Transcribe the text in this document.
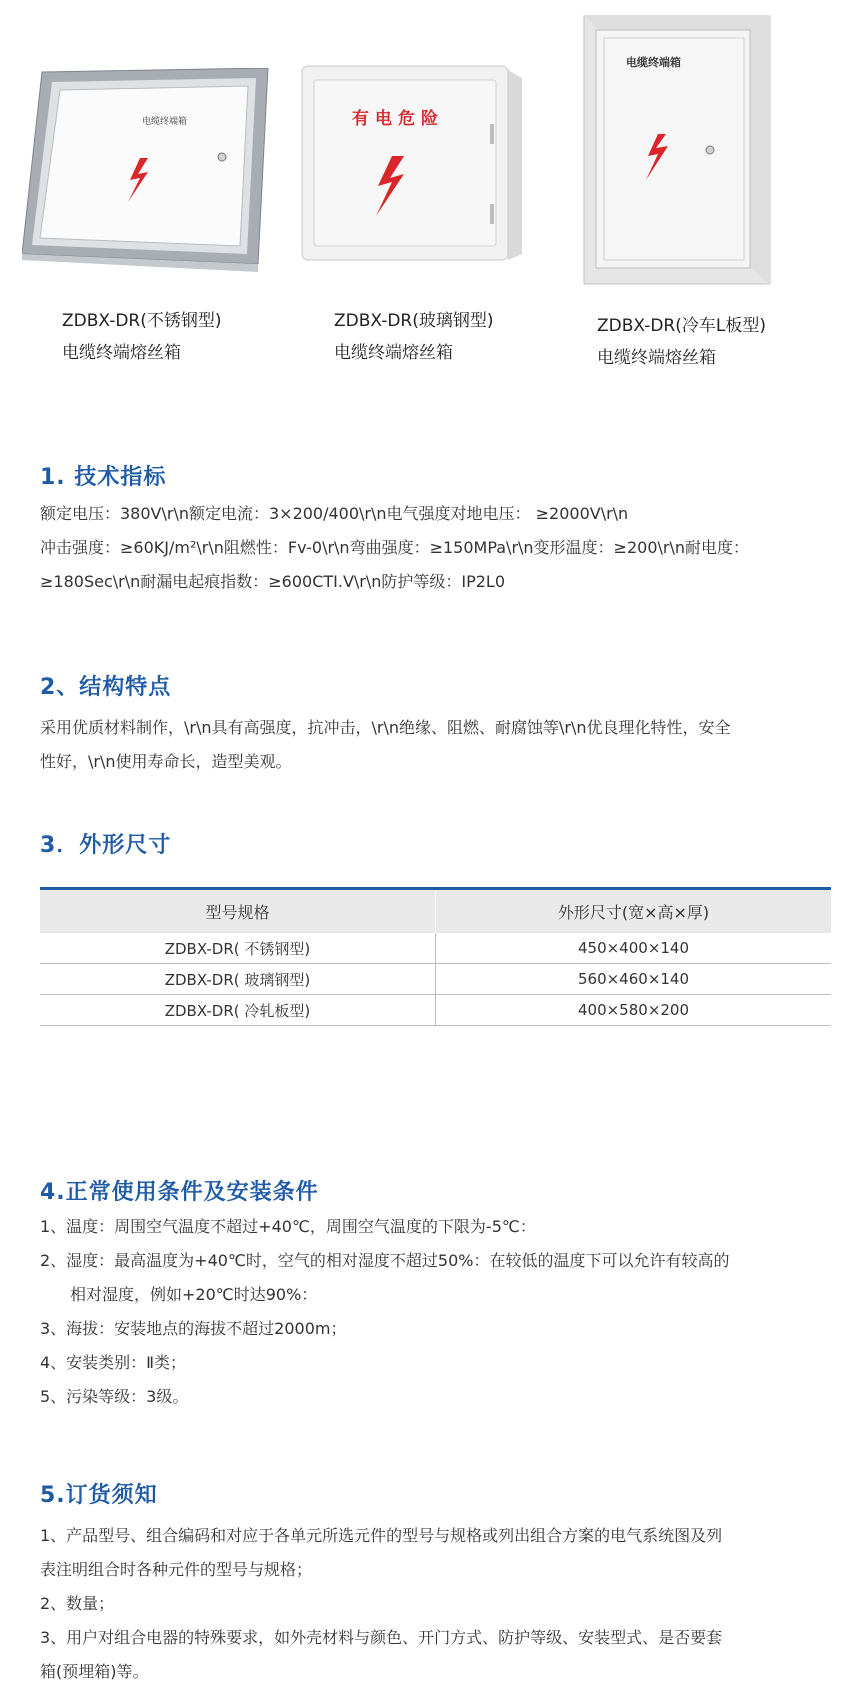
电缆终端箱	有电危险
电缆终端箱
ZDBX-DR(不锈钢型)
电缆终端熔丝箱
ZDBX-DR(玻璃钢型)
电缆终端熔丝箱
ZDBX-DR(冷车L板型)
电缆终端熔丝箱
1. 技术指标
额定电压：380V\r\n额定电流：3×200/400\r\n电气强度对地电压： ≥2000V\r\n
冲击强度：≥60KJ/m²\r\n阻燃性：Fv-0\r\n弯曲强度：≥150MPa\r\n变形温度：≥200\r\n耐电度：
≥180Sec\r\n耐漏电起痕指数：≥600CTI.V\r\n防护等级：IP2L0
2、结构特点
采用优质材料制作，\r\n具有高强度，抗冲击，\r\n绝缘、阻燃、耐腐蚀等\r\n优良理化特性，安全
性好，\r\n使用寿命长，造型美观。
3．外形尺寸
型号规格	外形尺寸(宽×高×厚)
ZDBX-DR( 不锈钢型)	450×400×140
ZDBX-DR( 玻璃钢型)	560×460×140
ZDBX-DR( 冷轧板型)	400×580×200
4.正常使用条件及安装条件
1、温度：周围空气温度不超过+40℃，周围空气温度的下限为-5℃：
2、湿度：最高温度为+40℃时，空气的相对湿度不超过50%：在较低的温度下可以允许有较高的
相对湿度，例如+20℃时达90%：
3、海拔：安装地点的海拔不超过2000m；
4、安装类别：Ⅱ类；
5、污染等级：3级。
5.订货须知
1、产品型号、组合编码和对应于各单元所选元件的型号与规格或列出组合方案的电气系统图及列
表注明组合时各种元件的型号与规格；
2、数量；
3、用户对组合电器的特殊要求，如外壳材料与颜色、开门方式、防护等级、安装型式、是否要套
箱(预埋箱)等。
